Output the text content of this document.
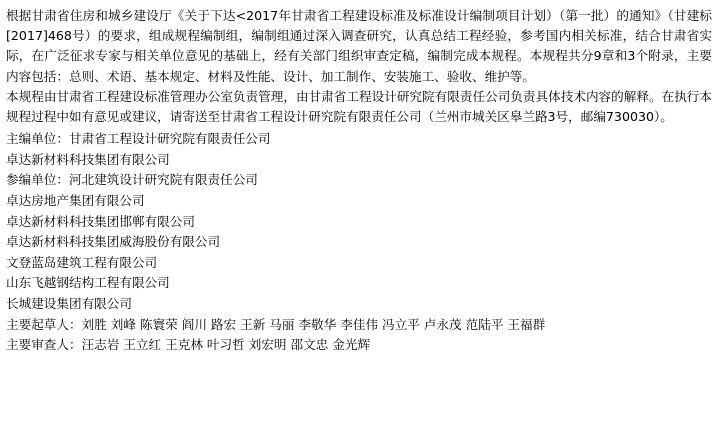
根据甘肃省住房和城乡建设厅《关于下达<2017年甘肃省工程建设标准及标准设计编制项目计划）（第一批）的通知》（甘建标[2017]468号）的要求，组成规程编制组，编制组通过深入调查研究，认真总结工程经验，参考国内相关标准，结合甘肃省实际，在广泛征求专家与相关单位意见的基础上，经有关部门组织审查定稿，编制完成本规程。本规程共分9章和3个附录，主要内容包括：总则、术语、基本规定、材料及性能、设计、加工制作、安装施工、验收、维护等。

本规程由甘肃省工程建设标准管理办公室负责管理，由甘肃省工程设计研究院有限责任公司负责具体技术内容的解释。在执行本规程过程中如有意见或建议，请寄送至甘肃省工程设计研究院有限责任公司（兰州市城关区皋兰路3号，邮编730030）。

主编单位：甘肃省工程设计研究院有限责任公司
卓达新材料科技集团有限公司
参编单位：河北建筑设计研究院有限责任公司
卓达房地产集团有限公司
卓达新材料科技集团邯郸有限公司
卓达新材料科技集团威海股份有限公司
文登蓝岛建筑工程有限公司
山东飞越钢结构工程有限公司
长城建设集团有限公司
主要起草人：刘胜 刘峰 陈寰荣 阎川 路宏 王新 马丽 李敬华 李佳伟 冯立平 卢永茂 范陆平 王福群
主要审查人：汪志岩 王立红 王克林 叶习哲 刘宏明 邵文忠 金光辉
